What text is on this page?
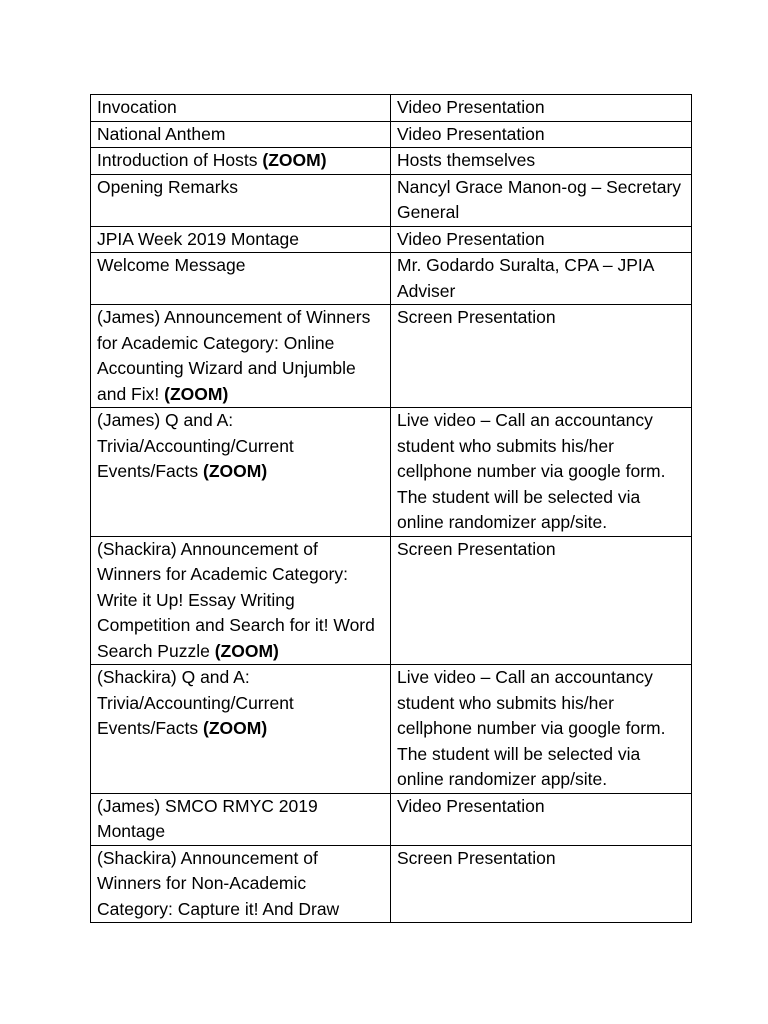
Invocation	Video Presentation
National Anthem	Video Presentation
Introduction of Hosts (ZOOM)	Hosts themselves
Opening Remarks	Nancyl Grace Manon-og – Secretary General
JPIA Week 2019 Montage	Video Presentation
Welcome Message	Mr. Godardo Suralta, CPA – JPIA Adviser
(James) Announcement of Winners for Academic Category: Online Accounting Wizard and Unjumble and Fix! (ZOOM)	Screen Presentation
(James) Q and A: Trivia/Accounting/Current Events/Facts (ZOOM)	Live video – Call an accountancy student who submits his/her cellphone number via google form. The student will be selected via online randomizer app/site.
(Shackira) Announcement of Winners for Academic Category: Write it Up! Essay Writing Competition and Search for it! Word Search Puzzle (ZOOM)	Screen Presentation
(Shackira) Q and A: Trivia/Accounting/Current Events/Facts (ZOOM)	Live video – Call an accountancy student who submits his/her cellphone number via google form. The student will be selected via online randomizer app/site.
(James) SMCO RMYC 2019 Montage	Video Presentation
(Shackira) Announcement of Winners for Non-Academic Category: Capture it! And Draw	Screen Presentation
